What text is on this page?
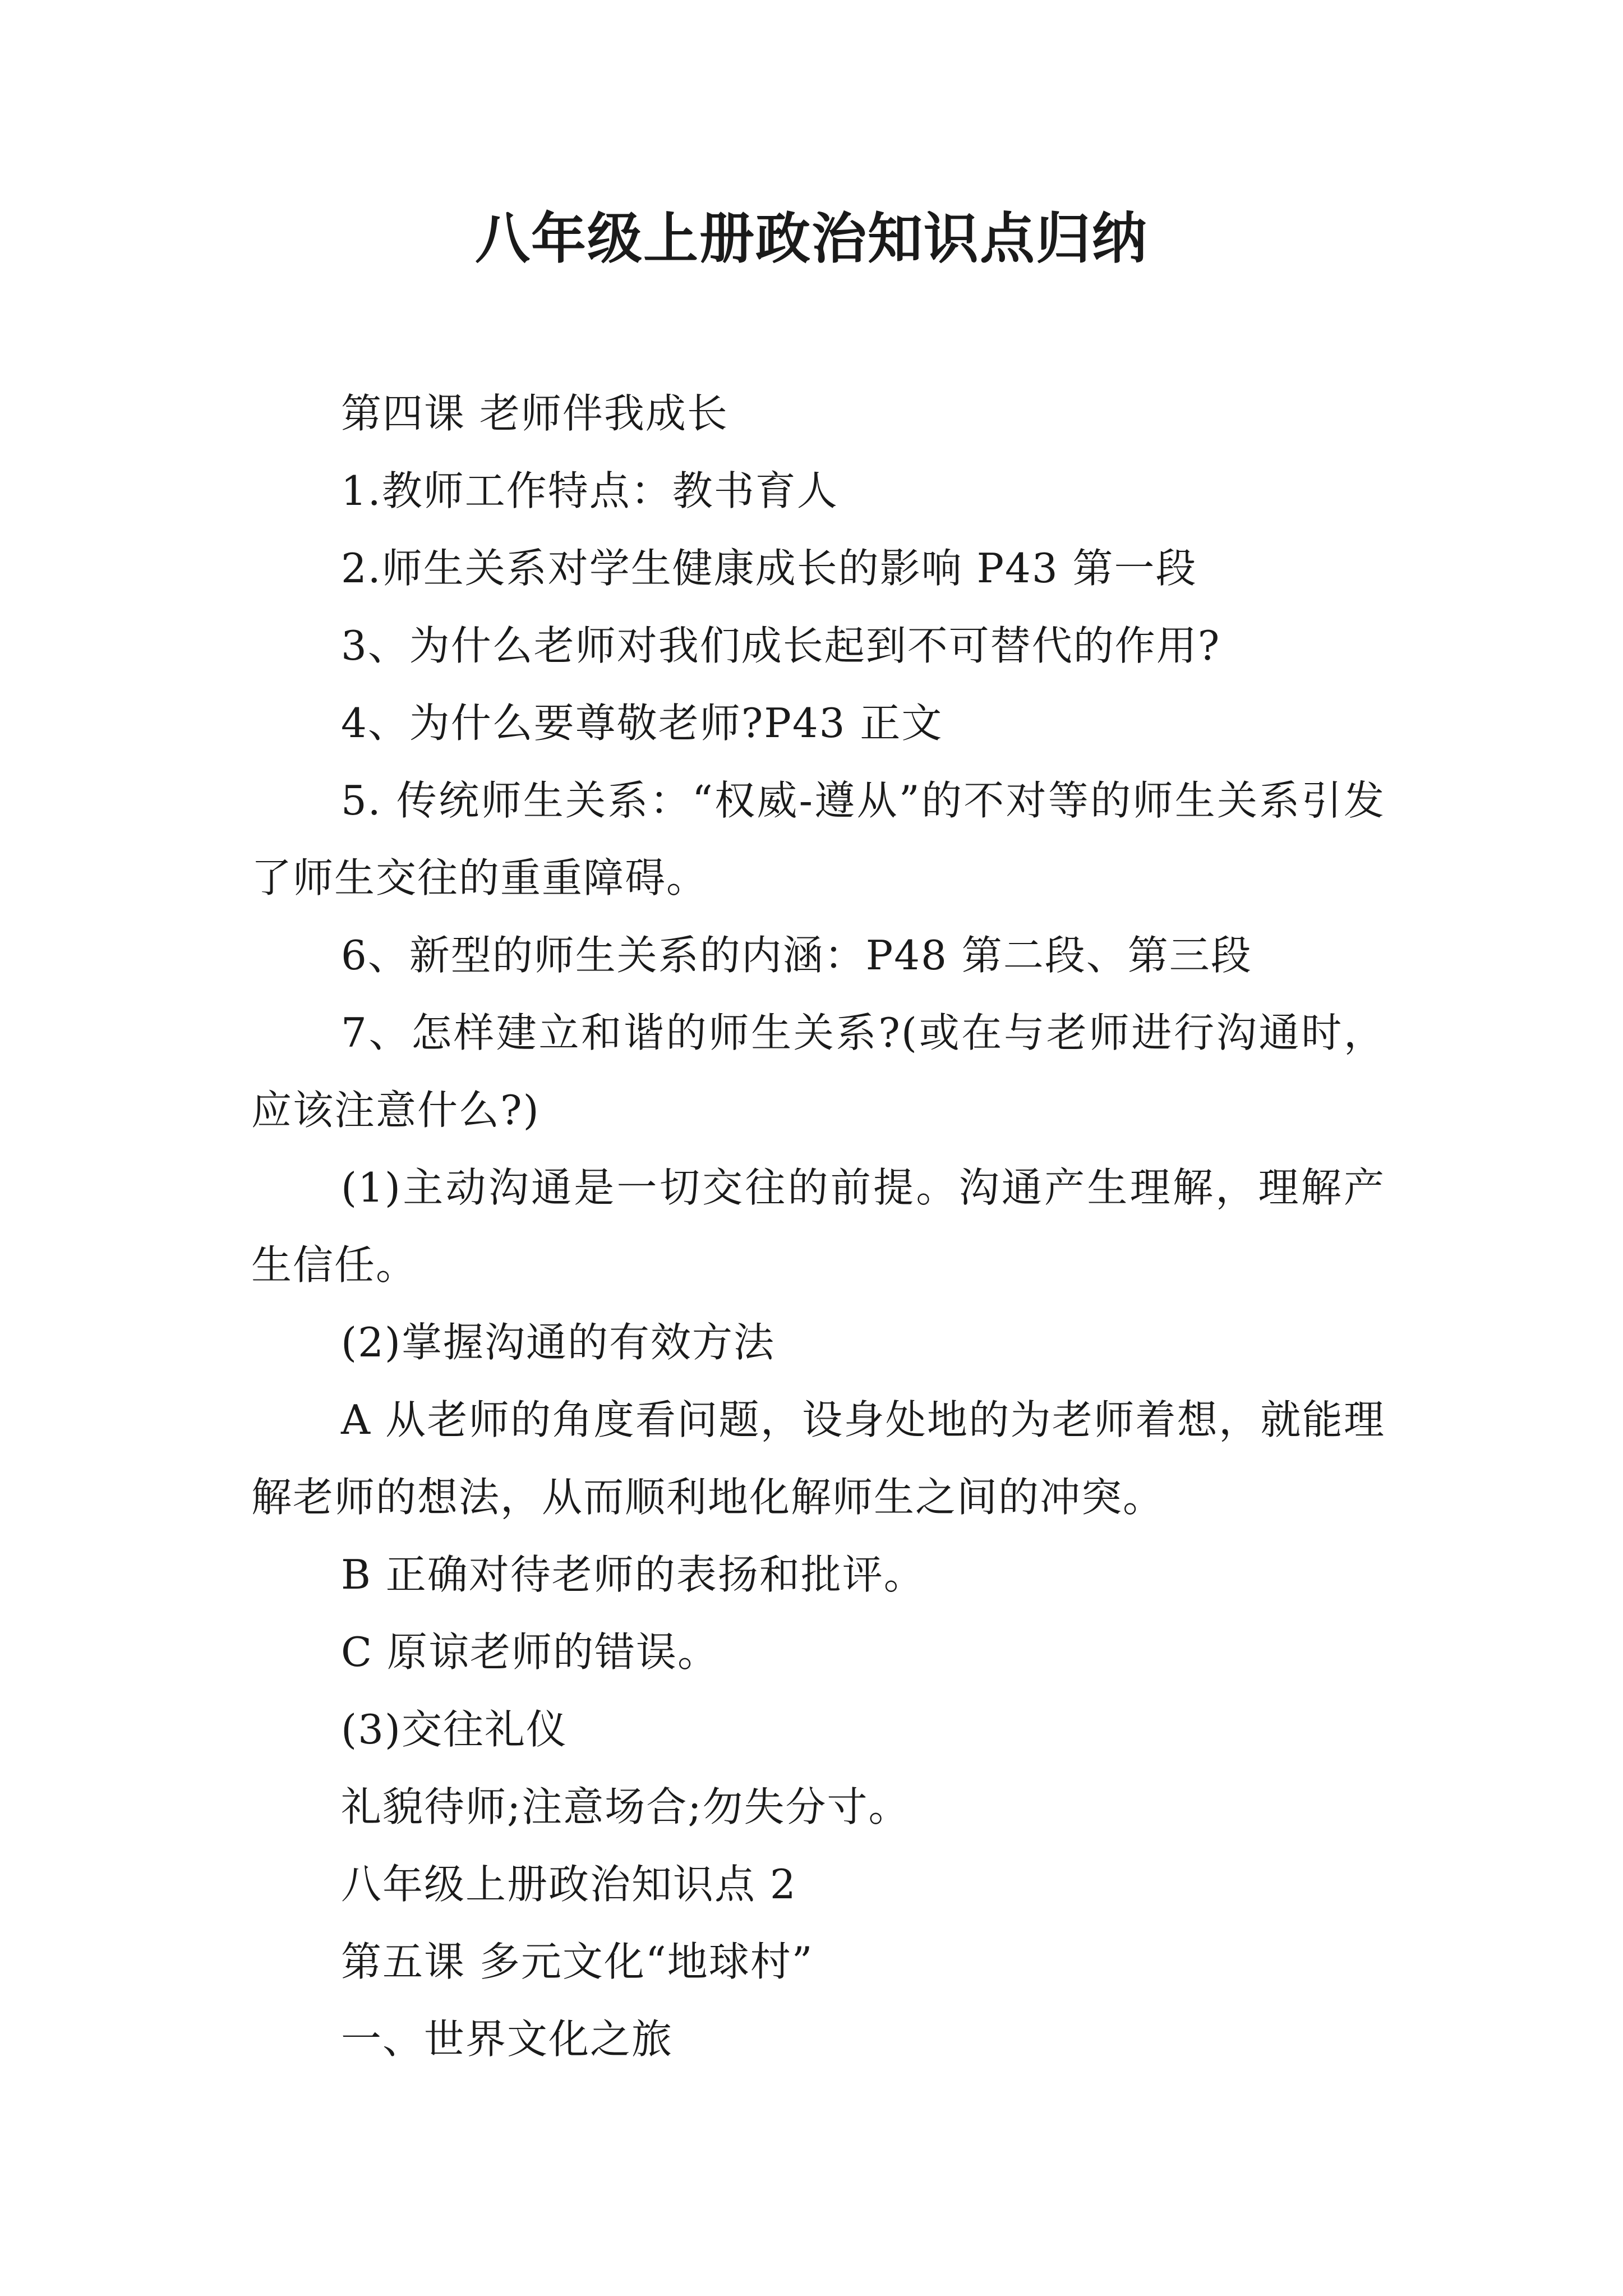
八年级上册政治知识点归纳

第四课 老师伴我成长

1.教师工作特点：教书育人

2.师生关系对学生健康成长的影响 P43 第一段

3、为什么老师对我们成长起到不可替代的作用?

4、为什么要尊敬老师?P43 正文

5. 传统师生关系：“权威-遵从”的不对等的师生关系引发了师生交往的重重障碍。

6、新型的师生关系的内涵：P48 第二段、第三段

7、怎样建立和谐的师生关系?(或在与老师进行沟通时，应该注意什么?)

(1)主动沟通是一切交往的前提。沟通产生理解，理解产生信任。

(2)掌握沟通的有效方法

A 从老师的角度看问题，设身处地的为老师着想，就能理解老师的想法，从而顺利地化解师生之间的冲突。

B 正确对待老师的表扬和批评。

C 原谅老师的错误。

(3)交往礼仪

礼貌待师;注意场合;勿失分寸。

八年级上册政治知识点 2

第五课 多元文化“地球村”

一、世界文化之旅
